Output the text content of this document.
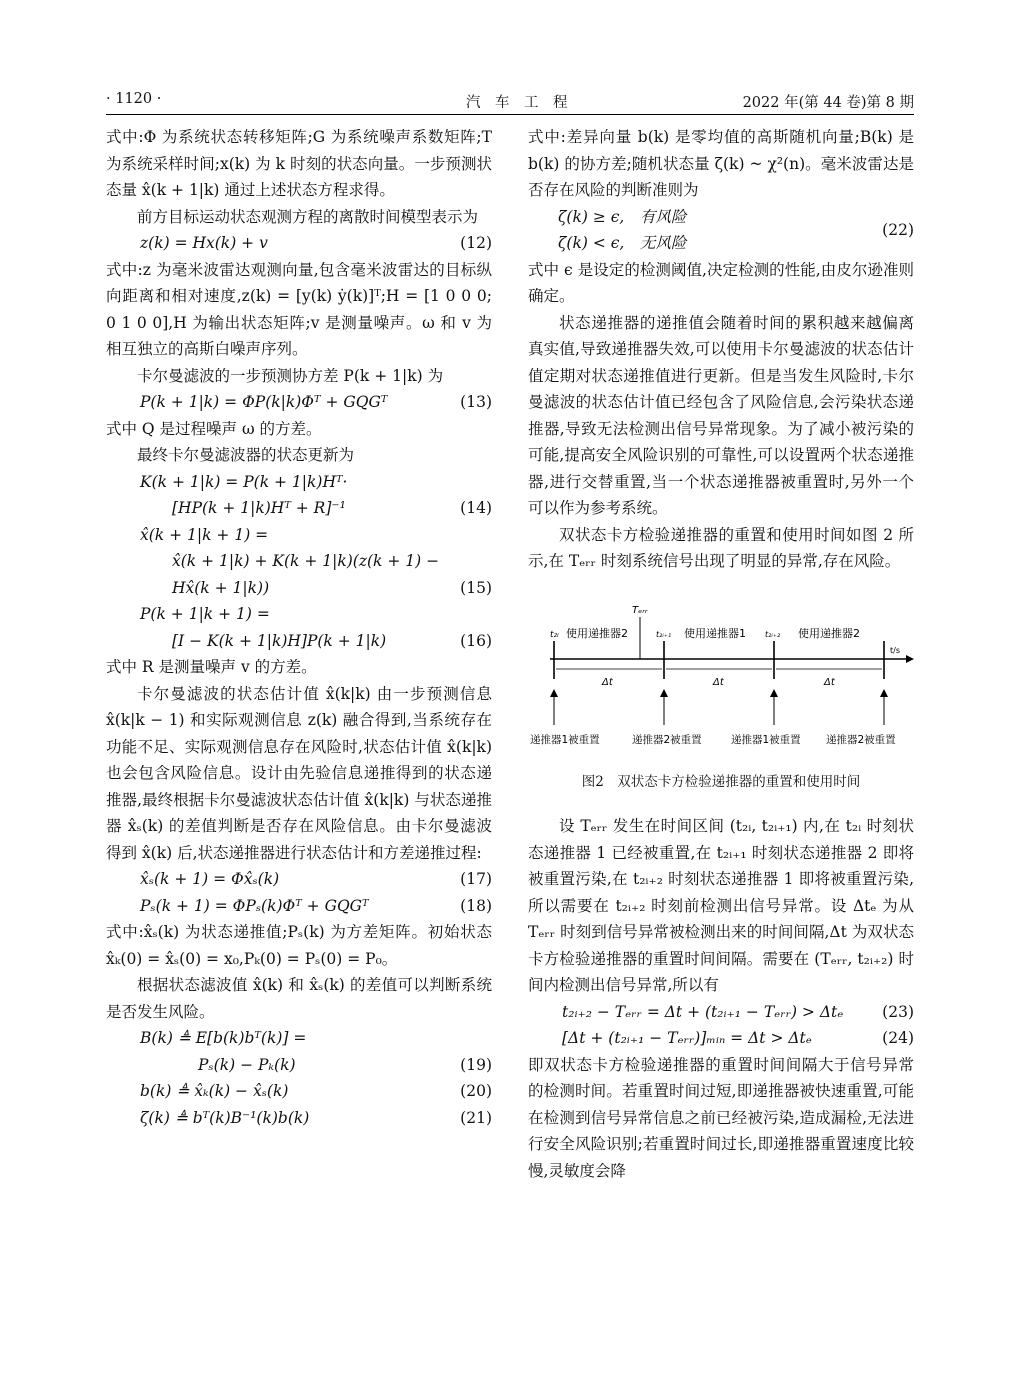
· 1120 ·	汽　车　工　程	2022 年(第 44 卷)第 8 期

式中:Φ 为系统状态转移矩阵;G 为系统噪声系数矩阵;T 为系统采样时间;x(k) 为 k 时刻的状态向量。一步预测状态量 x̂(k + 1|k) 通过上述状态方程求得。

前方目标运动状态观测方程的离散时间模型表示为

z(k) = Hx(k) + v	(12)

式中:z 为毫米波雷达观测向量,包含毫米波雷达的目标纵向距离和相对速度,z(k) = [y(k) ẏ(k)]ᵀ;H = [1 0 0 0; 0 1 0 0],H 为输出状态矩阵;v 是测量噪声。ω 和 v 为相互独立的高斯白噪声序列。

卡尔曼滤波的一步预测协方差 P(k + 1|k) 为

P(k + 1|k) = ΦP(k|k)Φᵀ + GQGᵀ	(13)

式中 Q 是过程噪声 ω 的方差。

最终卡尔曼滤波器的状态更新为

K(k + 1|k) = P(k + 1|k)Hᵀ·
[HP(k + 1|k)Hᵀ + R]⁻¹	(14)
x̂(k + 1|k + 1) =
x̂(k + 1|k) + K(k + 1|k)(z(k + 1) −
Hx̂(k + 1|k))	(15)
P(k + 1|k + 1) =
[I − K(k + 1|k)H]P(k + 1|k)	(16)

式中 R 是测量噪声 v 的方差。

卡尔曼滤波的状态估计值 x̂(k|k) 由一步预测信息 x̂(k|k − 1) 和实际观测信息 z(k) 融合得到,当系统存在功能不足、实际观测信息存在风险时,状态估计值 x̂(k|k) 也会包含风险信息。设计由先验信息递推得到的状态递推器,最终根据卡尔曼滤波状态估计值 x̂(k|k) 与状态递推器 x̂ₛ(k) 的差值判断是否存在风险信息。由卡尔曼滤波得到 x̂(k) 后,状态递推器进行状态估计和方差递推过程:

x̂ₛ(k + 1) = Φx̂ₛ(k)	(17)
Pₛ(k + 1) = ΦPₛ(k)Φᵀ + GQGᵀ	(18)

式中:x̂ₛ(k) 为状态递推值;Pₛ(k) 为方差矩阵。初始状态 x̂ₖ(0) = x̂ₛ(0) = x₀,Pₖ(0) = Pₛ(0) = P₀。

根据状态滤波值 x̂(k) 和 x̂ₛ(k) 的差值可以判断系统是否发生风险。

B(k) ≜ E[b(k)bᵀ(k)] =
Pₛ(k) − Pₖ(k)	(19)
b(k) ≜ x̂ₖ(k) − x̂ₛ(k)	(20)
ζ(k) ≜ bᵀ(k)B⁻¹(k)b(k)	(21)

式中:差异向量 b(k) 是零均值的高斯随机向量;B(k) 是 b(k) 的协方差;随机状态量 ζ(k) ~ χ²(n)。毫米波雷达是否存在风险的判断准则为

ζ(k) ≥ ϵ,　有风险
ζ(k) < ϵ,　无风险
(22)

式中 ϵ 是设定的检测阈值,决定检测的性能,由皮尔逊准则确定。

状态递推器的递推值会随着时间的累积越来越偏离真实值,导致递推器失效,可以使用卡尔曼滤波的状态估计值定期对状态递推值进行更新。但是当发生风险时,卡尔曼滤波的状态估计值已经包含了风险信息,会污染状态递推器,导致无法检测出信号异常现象。为了减小被污染的可能,提高安全风险识别的可靠性,可以设置两个状态递推器,进行交替重置,当一个状态递推器被重置时,另外一个可以作为参考系统。

双状态卡方检验递推器的重置和使用时间如图 2 所示,在 Tₑᵣᵣ 时刻系统信号出现了明显的异常,存在风险。

t/s
Tₑᵣᵣ
t₂ᵢ	t₂ᵢ₊₁	t₂ᵢ₊₂
使用递推器2	使用递推器1	使用递推器2
Δt	Δt	Δt
递推器1被重置	递推器2被重置	递推器1被重置 递推器2被重置
图2　双状态卡方检验递推器的重置和使用时间

设 Tₑᵣᵣ 发生在时间区间 (t₂ᵢ, t₂ᵢ₊₁) 内,在 t₂ᵢ 时刻状态递推器 1 已经被重置,在 t₂ᵢ₊₁ 时刻状态递推器 2 即将被重置污染,在 t₂ᵢ₊₂ 时刻状态递推器 1 即将被重置污染,所以需要在 t₂ᵢ₊₂ 时刻前检测出信号异常。设 Δtₑ 为从 Tₑᵣᵣ 时刻到信号异常被检测出来的时间间隔,Δt 为双状态卡方检验递推器的重置时间间隔。需要在 (Tₑᵣᵣ, t₂ᵢ₊₂) 时间内检测出信号异常,所以有

t₂ᵢ₊₂ − Tₑᵣᵣ = Δt + (t₂ᵢ₊₁ − Tₑᵣᵣ) > Δtₑ	(23)
[Δt + (t₂ᵢ₊₁ − Tₑᵣᵣ)]ₘᵢₙ = Δt > Δtₑ	(24)

即双状态卡方检验递推器的重置时间间隔大于信号异常的检测时间。若重置时间过短,即递推器被快速重置,可能在检测到信号异常信息之前已经被污染,造成漏检,无法进行安全风险识别;若重置时间过长,即递推器重置速度比较慢,灵敏度会降
